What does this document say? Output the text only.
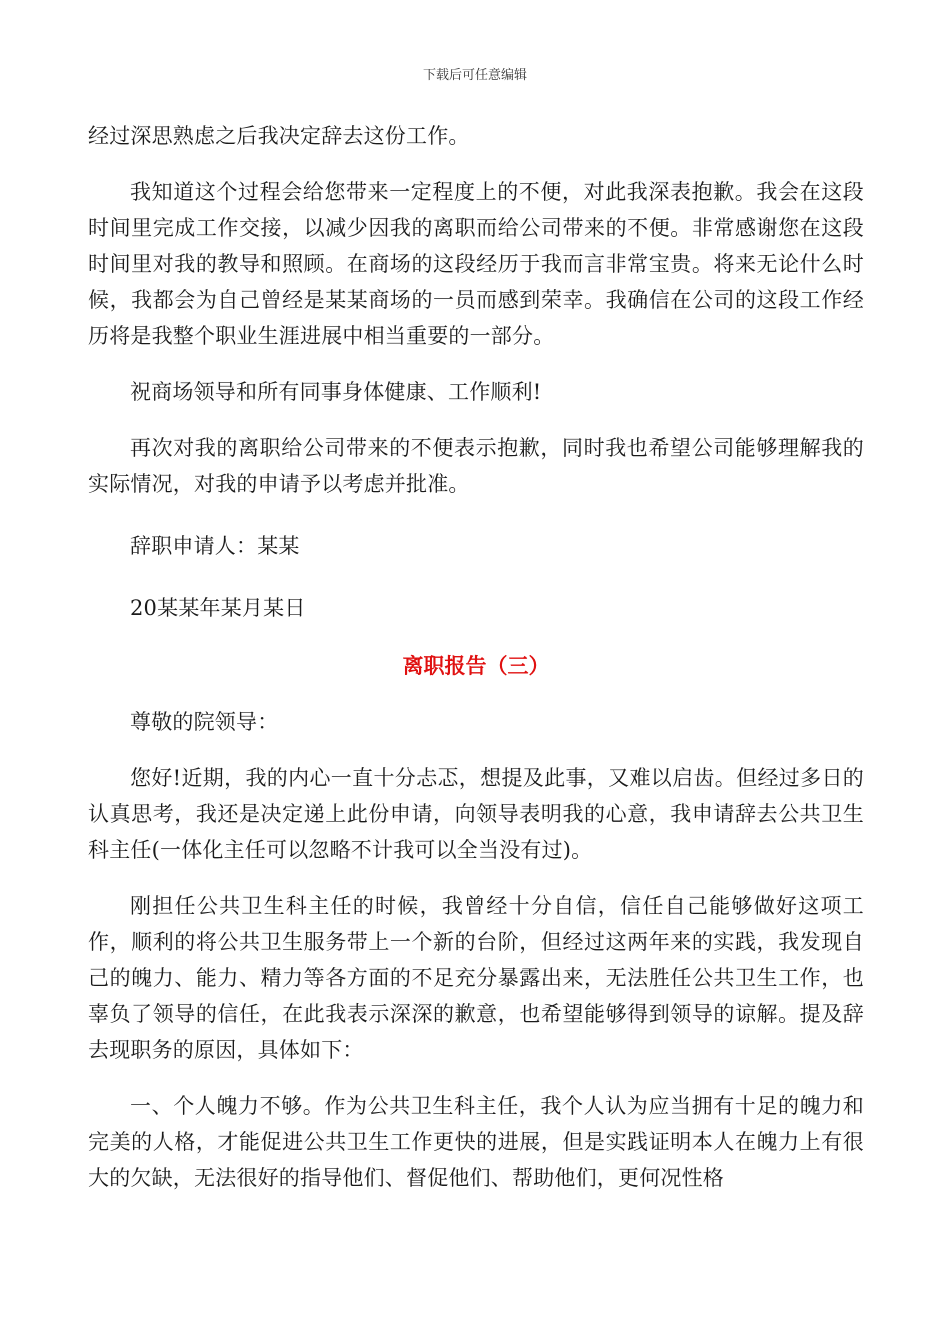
下载后可任意编辑

经过深思熟虑之后我决定辞去这份工作。

我知道这个过程会给您带来一定程度上的不便，对此我深表抱歉。我会在这段时间里完成工作交接，以减少因我的离职而给公司带来的不便。非常感谢您在这段时间里对我的教导和照顾。在商场的这段经历于我而言非常宝贵。将来无论什么时候，我都会为自己曾经是某某商场的一员而感到荣幸。我确信在公司的这段工作经历将是我整个职业生涯进展中相当重要的一部分。

祝商场领导和所有同事身体健康、工作顺利!

再次对我的离职给公司带来的不便表示抱歉，同时我也希望公司能够理解我的实际情况，对我的申请予以考虑并批准。

辞职申请人：某某

20某某年某月某日

离职报告（三）

尊敬的院领导：

您好!近期，我的内心一直十分忐忑，想提及此事，又难以启齿。但经过多日的认真思考，我还是决定递上此份申请，向领导表明我的心意，我申请辞去公共卫生科主任(一体化主任可以忽略不计我可以全当没有过)。

刚担任公共卫生科主任的时候，我曾经十分自信，信任自己能够做好这项工作，顺利的将公共卫生服务带上一个新的台阶，但经过这两年来的实践，我发现自己的魄力、能力、精力等各方面的不足充分暴露出来，无法胜任公共卫生工作，也辜负了领导的信任，在此我表示深深的歉意，也希望能够得到领导的谅解。提及辞去现职务的原因，具体如下：

一、个人魄力不够。作为公共卫生科主任，我个人认为应当拥有十足的魄力和完美的人格，才能促进公共卫生工作更快的进展，但是实践证明本人在魄力上有很大的欠缺，无法很好的指导他们、督促他们、帮助他们，更何况性格
